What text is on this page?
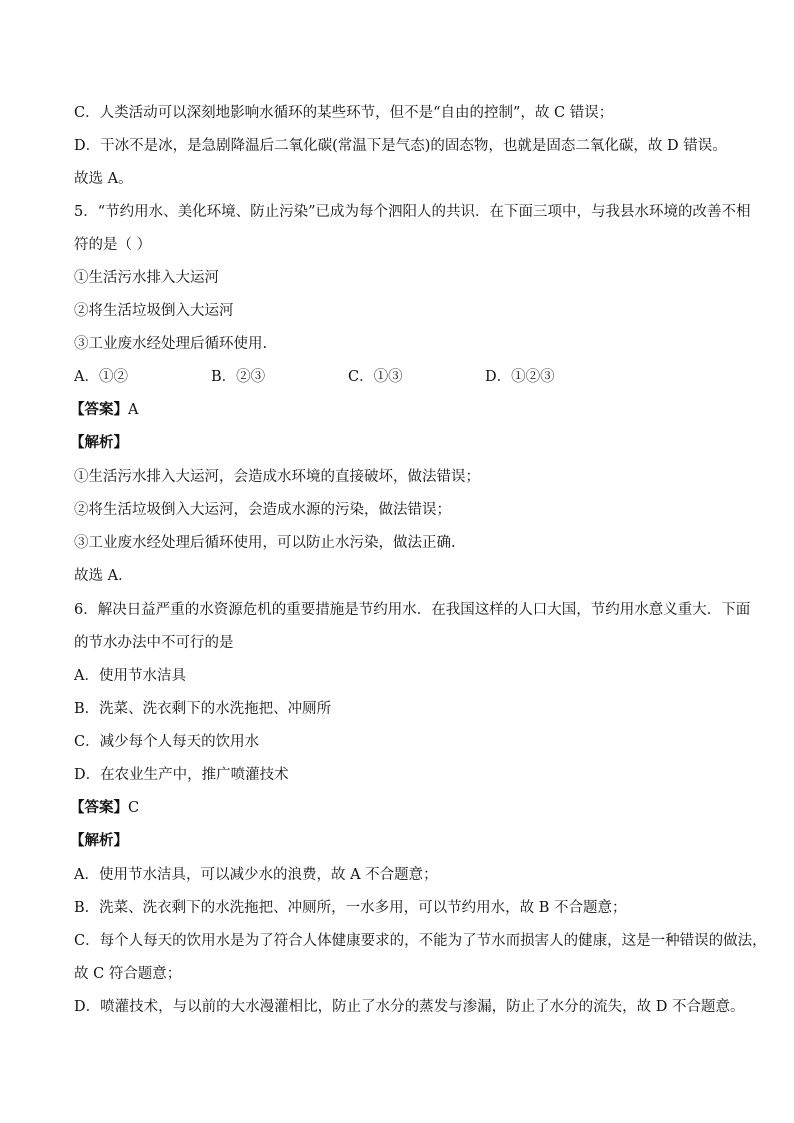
C．人类活动可以深刻地影响水循环的某些环节，但不是“自由的控制”，故 C 错误；
D．干冰不是冰，是急剧降温后二氧化碳(常温下是气态)的固态物，也就是固态二氧化碳，故 D 错误。
故选 A。
5．“节约用水、美化环境、防止污染”已成为每个泗阳人的共识．在下面三项中，与我县水环境的改善不相
符的是（ ）
①生活污水排入大运河
②将生活垃圾倒入大运河
③工业废水经处理后循环使用.
A．①②	B．②③	C．①③	D．①②③
【答案】A
【解析】
①生活污水排入大运河，会造成水环境的直接破坏，做法错误；
②将生活垃圾倒入大运河，会造成水源的污染，做法错误；
③工业废水经处理后循环使用，可以防止水污染，做法正确.
故选 A．
6．解决日益严重的水资源危机的重要措施是节约用水．在我国这样的人口大国，节约用水意义重大．下面
的节水办法中不可行的是
A．使用节水洁具
B．洗菜、洗衣剩下的水洗拖把、冲厕所
C．减少每个人每天的饮用水
D．在农业生产中，推广喷灌技术
【答案】C
【解析】
A．使用节水洁具，可以减少水的浪费，故 A 不合题意；
B．洗菜、洗衣剩下的水洗拖把、冲厕所，一水多用，可以节约用水，故 B 不合题意；
C．每个人每天的饮用水是为了符合人体健康要求的，不能为了节水而损害人的健康，这是一种错误的做法，
故 C 符合题意；
D．喷灌技术，与以前的大水漫灌相比，防止了水分的蒸发与渗漏，防止了水分的流失，故 D 不合题意。
